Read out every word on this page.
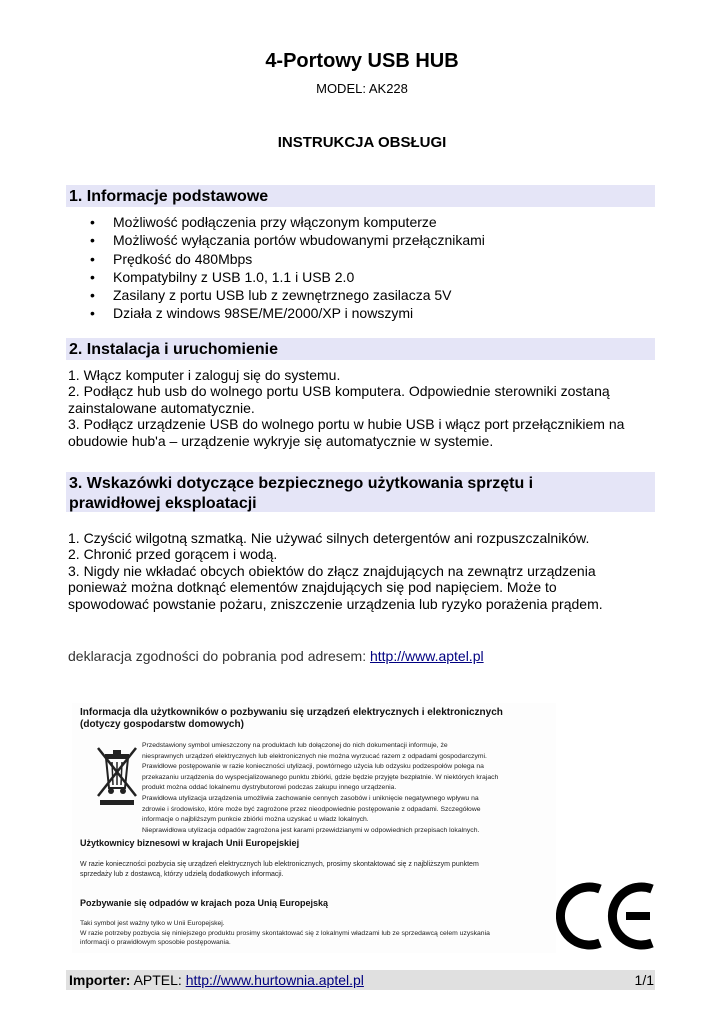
4-Portowy USB HUB
MODEL: AK228
INSTRUKCJA OBSŁUGI
1. Informacje podstawowe
• Możliwość podłączenia przy włączonym komputerze
• Możliwość wyłączania portów wbudowanymi przełącznikami
• Prędkość do 480Mbps
• Kompatybilny z USB 1.0, 1.1 i USB 2.0
• Zasilany z portu USB lub z zewnętrznego zasilacza 5V
• Działa z windows 98SE/ME/2000/XP i nowszymi
2. Instalacja i uruchomienie
1. Włącz komputer i zaloguj się do systemu.
2. Podłącz hub usb do wolnego portu USB komputera. Odpowiednie sterowniki zostaną
zainstalowane automatycznie.
3. Podłącz urządzenie USB do wolnego portu w hubie USB i włącz port przełącznikiem na
obudowie hub'a – urządzenie wykryje się automatycznie w systemie.
3. Wskazówki dotyczące bezpiecznego użytkowania sprzętu i
prawidłowej eksploatacji
1. Czyścić wilgotną szmatką. Nie używać silnych detergentów ani rozpuszczalników.
2. Chronić przed gorącem i wodą.
3. Nigdy nie wkładać obcych obiektów do złącz znajdujących na zewnątrz urządzenia
ponieważ można dotknąć elementów znajdujących się pod napięciem. Może to
spowodować powstanie pożaru, zniszczenie urządzenia lub ryzyko porażenia prądem.
deklaracja zgodności do pobrania pod adresem: http://www.aptel.pl
Informacja dla użytkowników o pozbywaniu się urządzeń elektrycznych i elektronicznych
(dotyczy gospodarstw domowych)
Przedstawiony symbol umieszczony na produktach lub dołączonej do nich dokumentacji informuje, że
niesprawnych urządzeń elektrycznych lub elektronicznych nie można wyrzucać razem z odpadami gospodarczymi.
Prawidłowe postępowanie w razie konieczności utylizacji, powtórnego użycia lub odzysku podzespołów polega na
przekazaniu urządzenia do wyspecjalizowanego punktu zbiórki, gdzie będzie przyjęte bezpłatnie. W niektórych krajach
produkt można oddać lokalnemu dystrybutorowi podczas zakupu innego urządzenia.
Prawidłowa utylizacja urządzenia umożliwia zachowanie cennych zasobów i uniknięcie negatywnego wpływu na
zdrowie i środowisko, które może być zagrożone przez nieodpowiednie postępowanie z odpadami. Szczegółowe
informacje o najbliższym punkcie zbiórki można uzyskać u władz lokalnych.
Nieprawidłowa utylizacja odpadów zagrożona jest karami przewidzianymi w odpowiednich przepisach lokalnych.
Użytkownicy biznesowi w krajach Unii Europejskiej
W razie konieczności pozbycia się urządzeń elektrycznych lub elektronicznych, prosimy skontaktować się z najbliższym punktem
sprzedaży lub z dostawcą, którzy udzielą dodatkowych informacji.
Pozbywanie się odpadów w krajach poza Unią Europejską
Taki symbol jest ważny tylko w Unii Europejskej.
W razie potrzeby pozbycia się niniejszego produktu prosimy skontaktować się z lokalnymi władzami lub ze sprzedawcą celem uzyskania
informacji o prawidłowym sposobie postępowania.
Importer: APTEL: http://www.hurtownia.aptel.pl	1/1
